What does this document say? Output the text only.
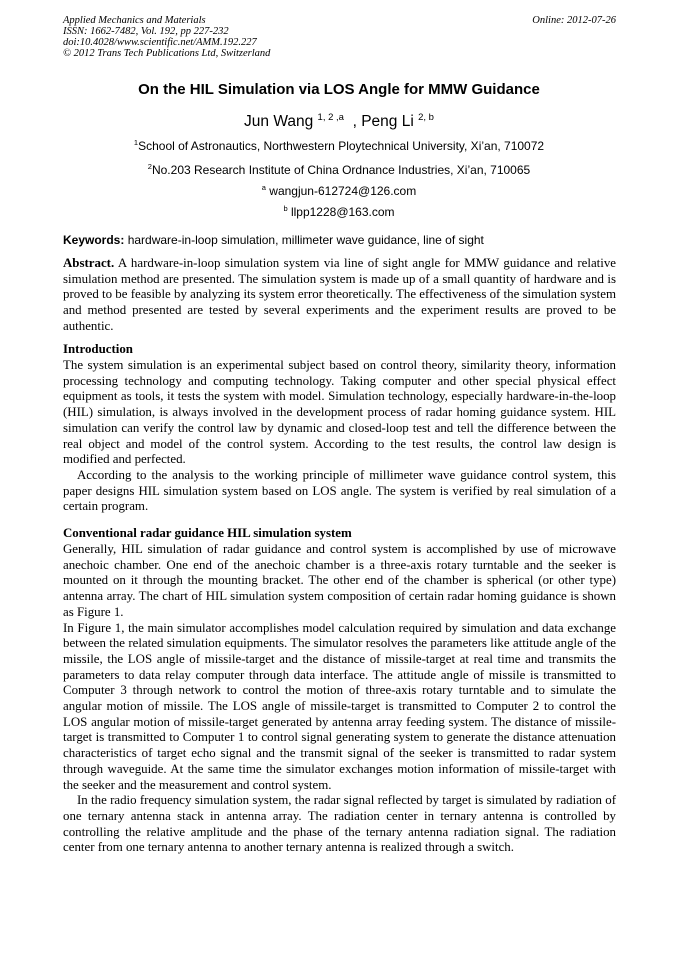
Applied Mechanics and Materials
ISSN: 1662-7482, Vol. 192, pp 227-232
doi:10.4028/www.scientific.net/AMM.192.227
© 2012 Trans Tech Publications Ltd, Switzerland
Online: 2012-07-26
On the HIL Simulation via LOS Angle for MMW Guidance
Jun Wang $^{1, 2 ,a}$ , Peng Li $^{2, b}$
$^1$School of Astronautics, Northwestern Ploytechnical University, Xi’an, 710072
$^2$No.203 Research Institute of China Ordnance Industries, Xi’an, 710065
$^a$ wangjun-612724@126.com
$^b$ llpp1228@163.com
Keywords: hardware-in-loop simulation, millimeter wave guidance, line of sight

Abstract. A hardware-in-loop simulation system via line of sight angle for MMW guidance and relative simulation method are presented. The simulation system is made up of a small quantity of hardware and is proved to be feasible by analyzing its system error theoretically. The effectiveness of the simulation system and method presented are tested by several experiments and the experiment results are proved to be authentic.

Introduction

The system simulation is an experimental subject based on control theory, similarity theory, information processing technology and computing technology. Taking computer and other special physical effect equipment as tools, it tests the system with model. Simulation technology, especially hardware-in-the-loop (HIL) simulation, is always involved in the development process of radar homing guidance system. HIL simulation can verify the control law by dynamic and closed-loop test and tell the difference between the real object and model of the control system. According to the test results, the control law design is modified and perfected.

According to the analysis to the working principle of millimeter wave guidance control system, this paper designs HIL simulation system based on LOS angle. The system is verified by real simulation of a certain program.

Conventional radar guidance HIL simulation system

Generally, HIL simulation of radar guidance and control system is accomplished by use of microwave anechoic chamber. One end of the anechoic chamber is a three-axis rotary turntable and the seeker is mounted on it through the mounting bracket. The other end of the chamber is spherical (or other type) antenna array. The chart of HIL simulation system composition of certain radar homing guidance is shown as Figure 1.

In Figure 1, the main simulator accomplishes model calculation required by simulation and data exchange between the related simulation equipments. The simulator resolves the parameters like attitude angle of the missile, the LOS angle of missile-target and the distance of missile-target at real time and transmits the parameters to data relay computer through data interface. The attitude angle of missile is transmitted to Computer 3 through network to control the motion of three-axis rotary turntable and to simulate the angular motion of missile. The LOS angle of missile-target is transmitted to Computer 2 to control the LOS angular motion of missile-target generated by antenna array feeding system. The distance of missile-target is transmitted to Computer 1 to control signal generating system to generate the distance attenuation characteristics of target echo signal and the transmit signal of the seeker is transmitted to radar system through waveguide. At the same time the simulator exchanges motion information of missile-target with the seeker and the measurement and control system.

In the radio frequency simulation system, the radar signal reflected by target is simulated by radiation of one ternary antenna stack in antenna array. The radiation center in ternary antenna is controlled by controlling the relative amplitude and the phase of the ternary antenna radiation signal. The radiation center from one ternary antenna to another ternary antenna is realized through a switch.
